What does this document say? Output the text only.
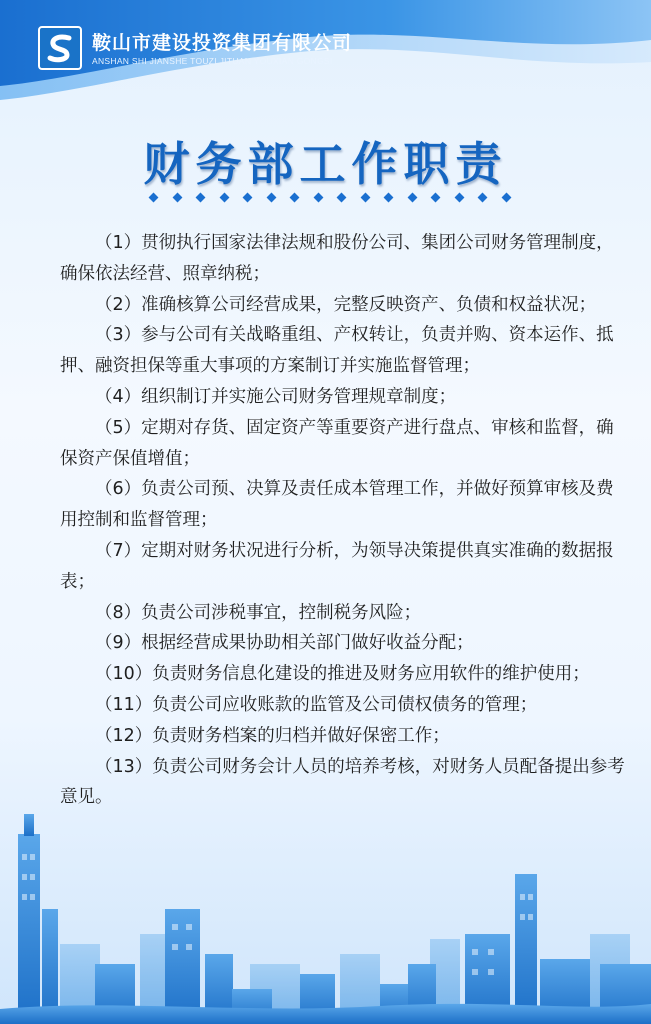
鞍山市建设投资集团有限公司
ANSHAN SHI JIANSHE TOUZI JITUAN YOUXIAN GONGSI
财务部工作职责

（1）贯彻执行国家法律法规和股份公司、集团公司财务管理制度，确保依法经营、照章纳税；

（2）准确核算公司经营成果，完整反映资产、负债和权益状况；

（3）参与公司有关战略重组、产权转让，负责并购、资本运作、抵押、融资担保等重大事项的方案制订并实施监督管理；

（4）组织制订并实施公司财务管理规章制度；

（5）定期对存货、固定资产等重要资产进行盘点、审核和监督，确保资产保值增值；

（6）负责公司预、决算及责任成本管理工作，并做好预算审核及费用控制和监督管理；

（7）定期对财务状况进行分析，为领导决策提供真实准确的数据报表；

（8）负责公司涉税事宜，控制税务风险；

（9）根据经营成果协助相关部门做好收益分配；

（10）负责财务信息化建设的推进及财务应用软件的维护使用；

（11）负责公司应收账款的监管及公司债权债务的管理；

（12）负责财务档案的归档并做好保密工作；

（13）负责公司财务会计人员的培养考核，对财务人员配备提出参考意见。
